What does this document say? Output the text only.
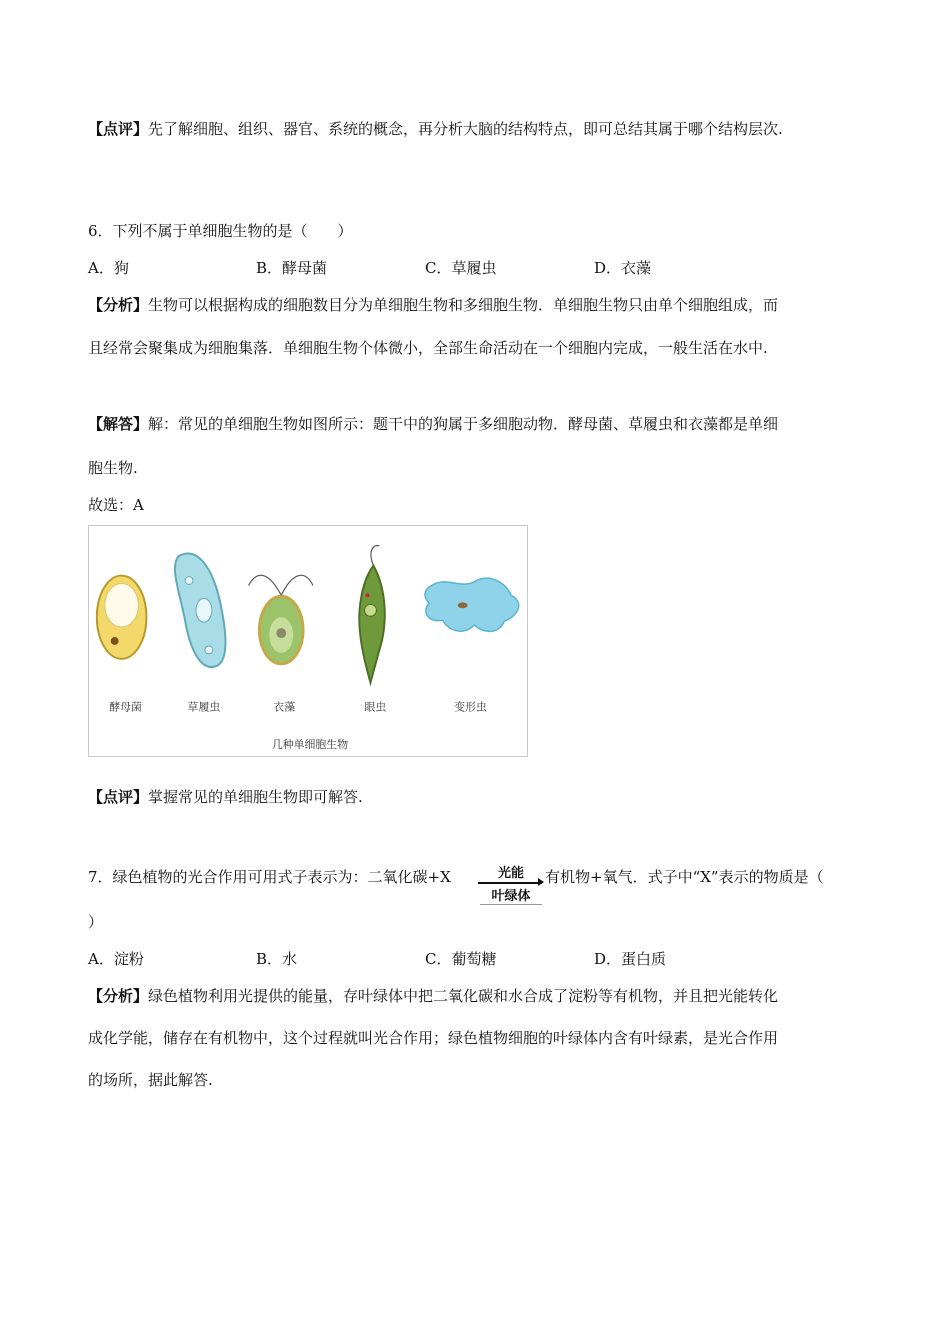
【点评】先了解细胞、组织、器官、系统的概念，再分析大脑的结构特点，即可总结其属于哪个结构层次.
6．下列不属于单细胞生物的是（　　）
A．狗	B．酵母菌	C．草履虫	D．衣藻
【分析】生物可以根据构成的细胞数目分为单细胞生物和多细胞生物．单细胞生物只由单个细胞组成，而
且经常会聚集成为细胞集落．单细胞生物个体微小，全部生命活动在一个细胞内完成，一般生活在水中.
【解答】解：常见的单细胞生物如图所示：题干中的狗属于多细胞动物．酵母菌、草履虫和衣藻都是单细
胞生物.
故选：A
酵母菌	草履虫	衣藻	眼虫	变形虫
几种单细胞生物
【点评】掌握常见的单细胞生物即可解答.
7．绿色植物的光合作用可用式子表示为：二氧化碳+X	光能
叶绿体
有机物+氧气．式子中“X”表示的物质是（
）
A．淀粉	B．水	C．葡萄糖	D．蛋白质
【分析】绿色植物利用光提供的能量，存叶绿体中把二氧化碳和水合成了淀粉等有机物，并且把光能转化
成化学能，储存在有机物中，这个过程就叫光合作用；绿色植物细胞的叶绿体内含有叶绿素，是光合作用
的场所，据此解答.
